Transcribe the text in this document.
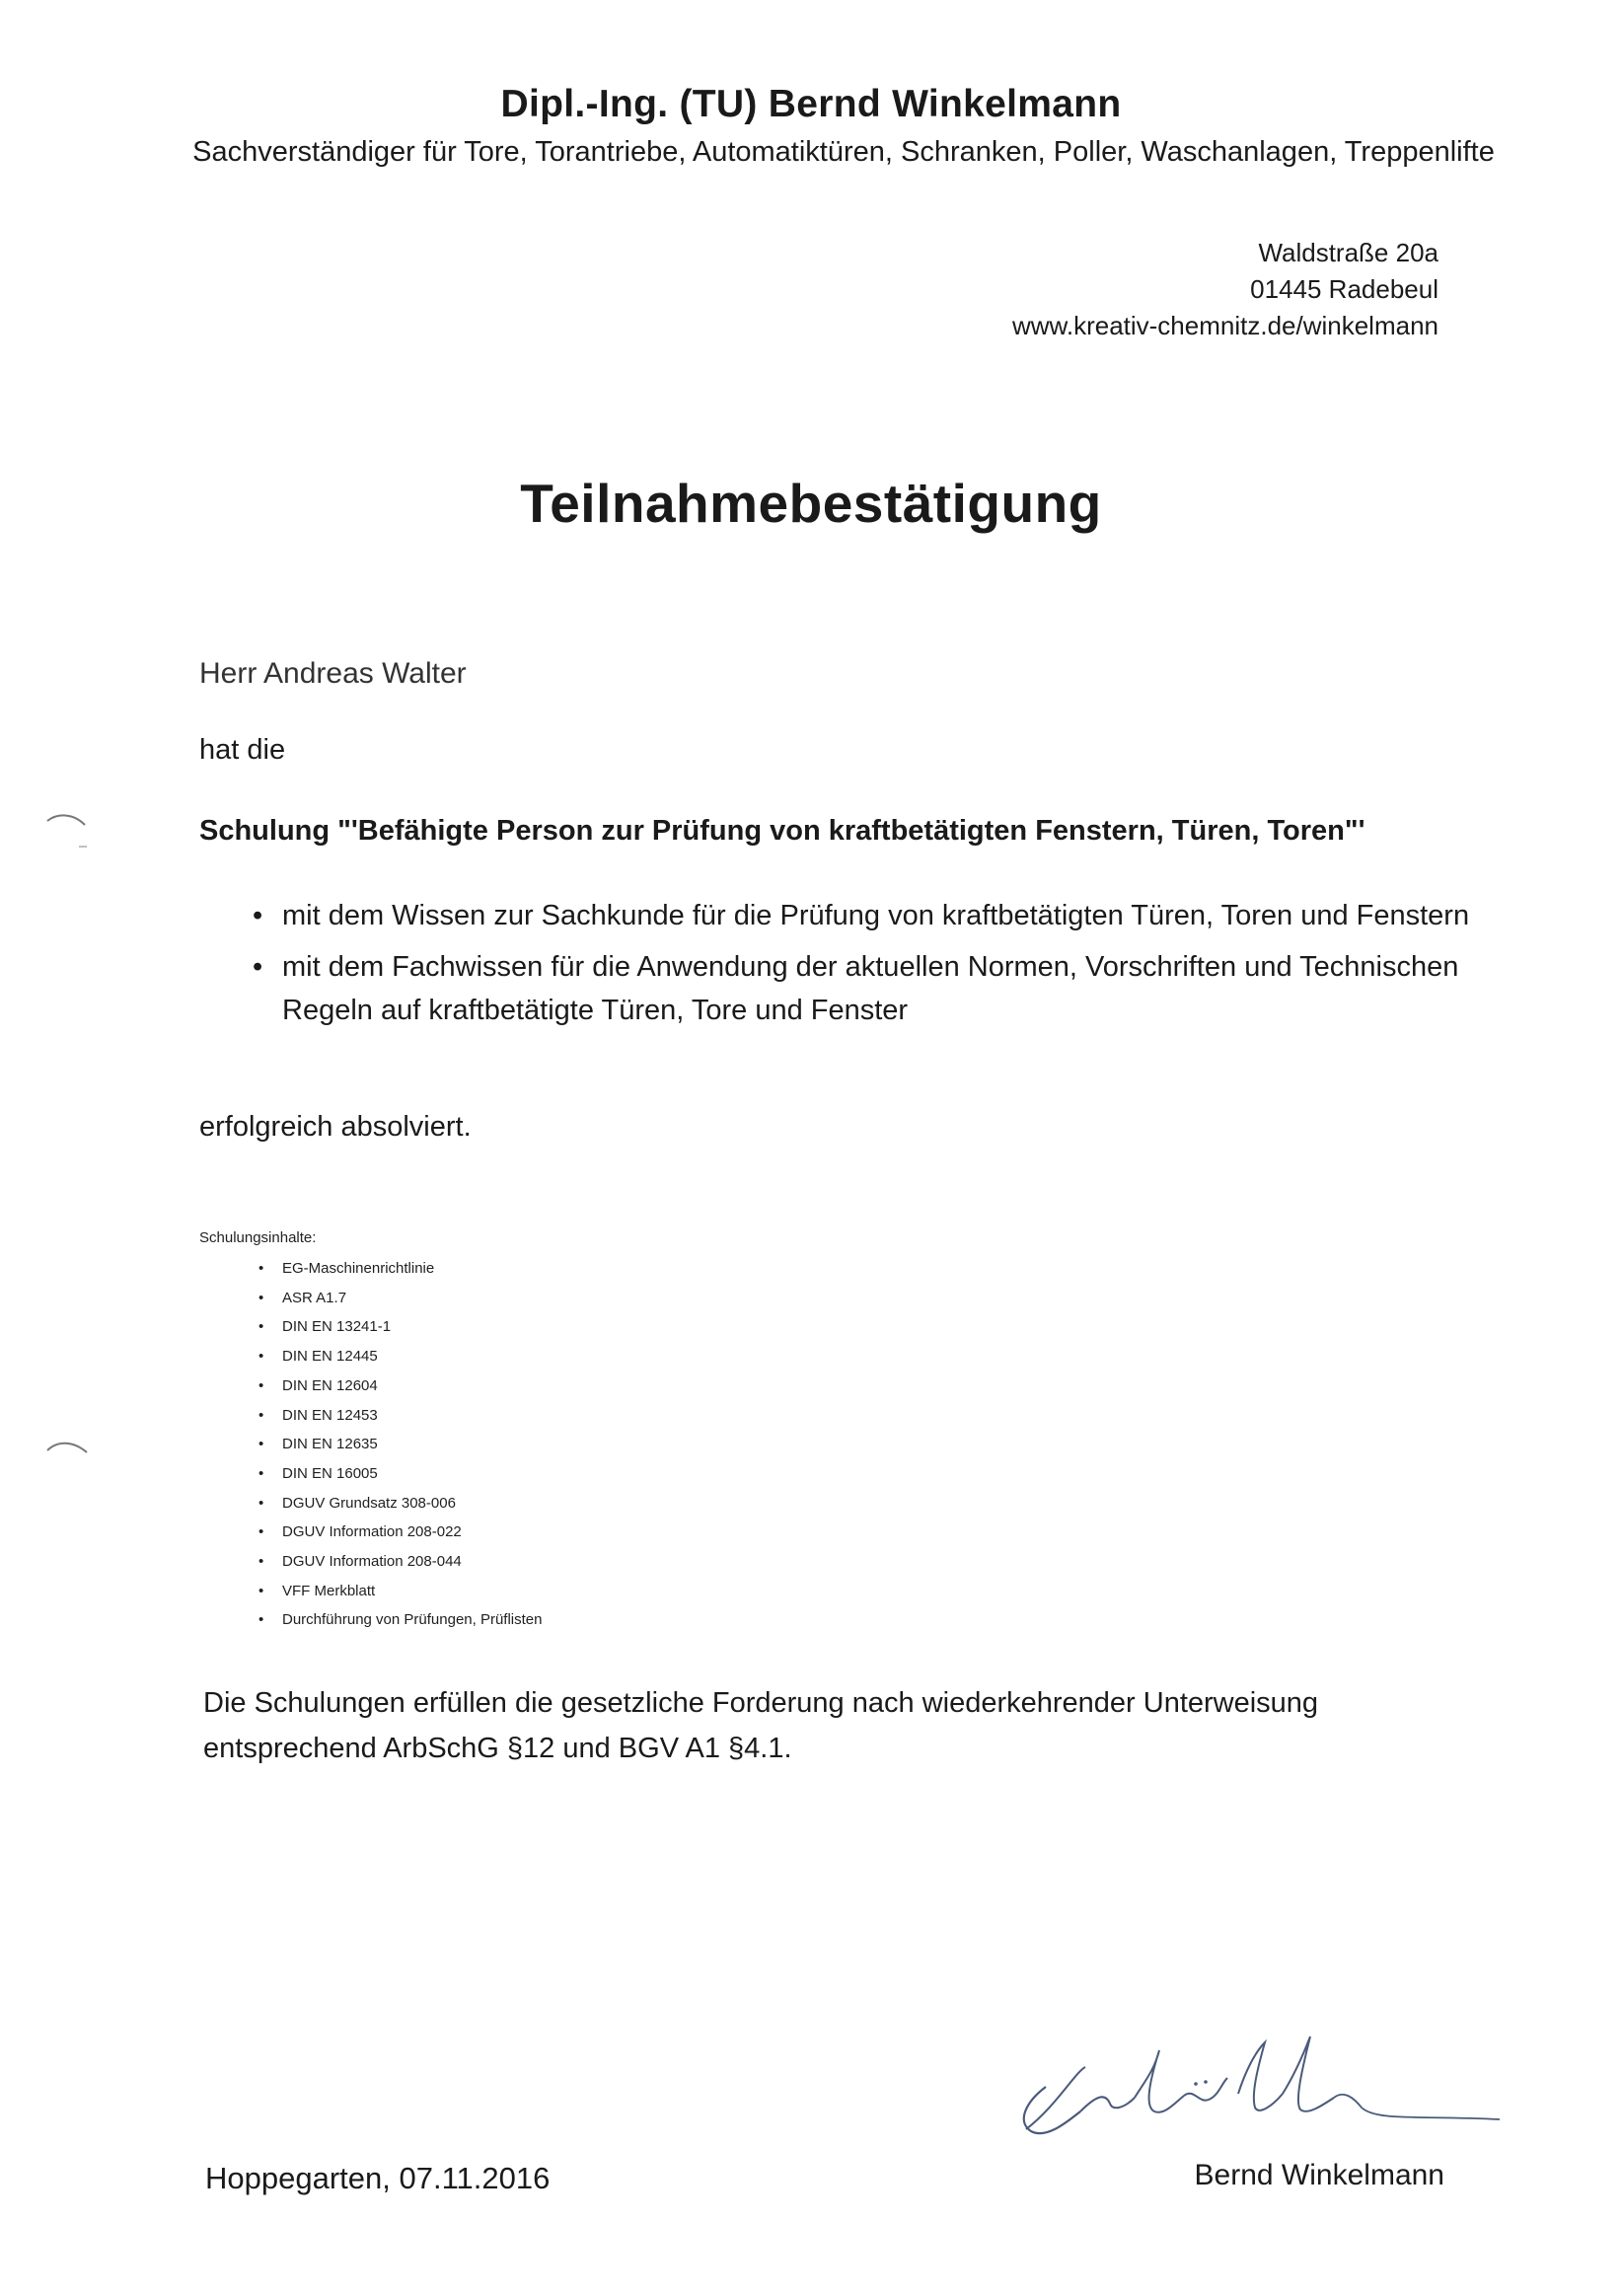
Dipl.-Ing. (TU) Bernd Winkelmann
Sachverständiger für Tore, Torantriebe, Automatiktüren, Schranken, Poller, Waschanlagen, Treppenlifte
Waldstraße 20a
01445 Radebeul
www.kreativ-chemnitz.de/winkelmann
Teilnahmebestätigung
Herr Andreas Walter
hat die
Schulung "'Befähigte Person zur Prüfung von kraftbetätigten Fenstern, Türen, Toren"'
• mit dem Wissen zur Sachkunde für die Prüfung von kraftbetätigten Türen, Toren und Fenstern
• mit dem Fachwissen für die Anwendung der aktuellen Normen, Vorschriften und Technischen Regeln auf kraftbetätigte Türen, Tore und Fenster
erfolgreich absolviert.
Schulungsinhalte:
• EG-Maschinenrichtlinie
• ASR A1.7
• DIN EN 13241-1
• DIN EN 12445
• DIN EN 12604
• DIN EN 12453
• DIN EN 12635
• DIN EN 16005
• DGUV Grundsatz 308-006
• DGUV Information 208-022
• DGUV Information 208-044
• VFF Merkblatt
• Durchführung von Prüfungen, Prüflisten
Die Schulungen erfüllen die gesetzliche Forderung nach wiederkehrender Unterweisung entsprechend ArbSchG §12 und BGV A1 §4.1.
Hoppegarten, 07.11.2016	Bernd Winkelmann
